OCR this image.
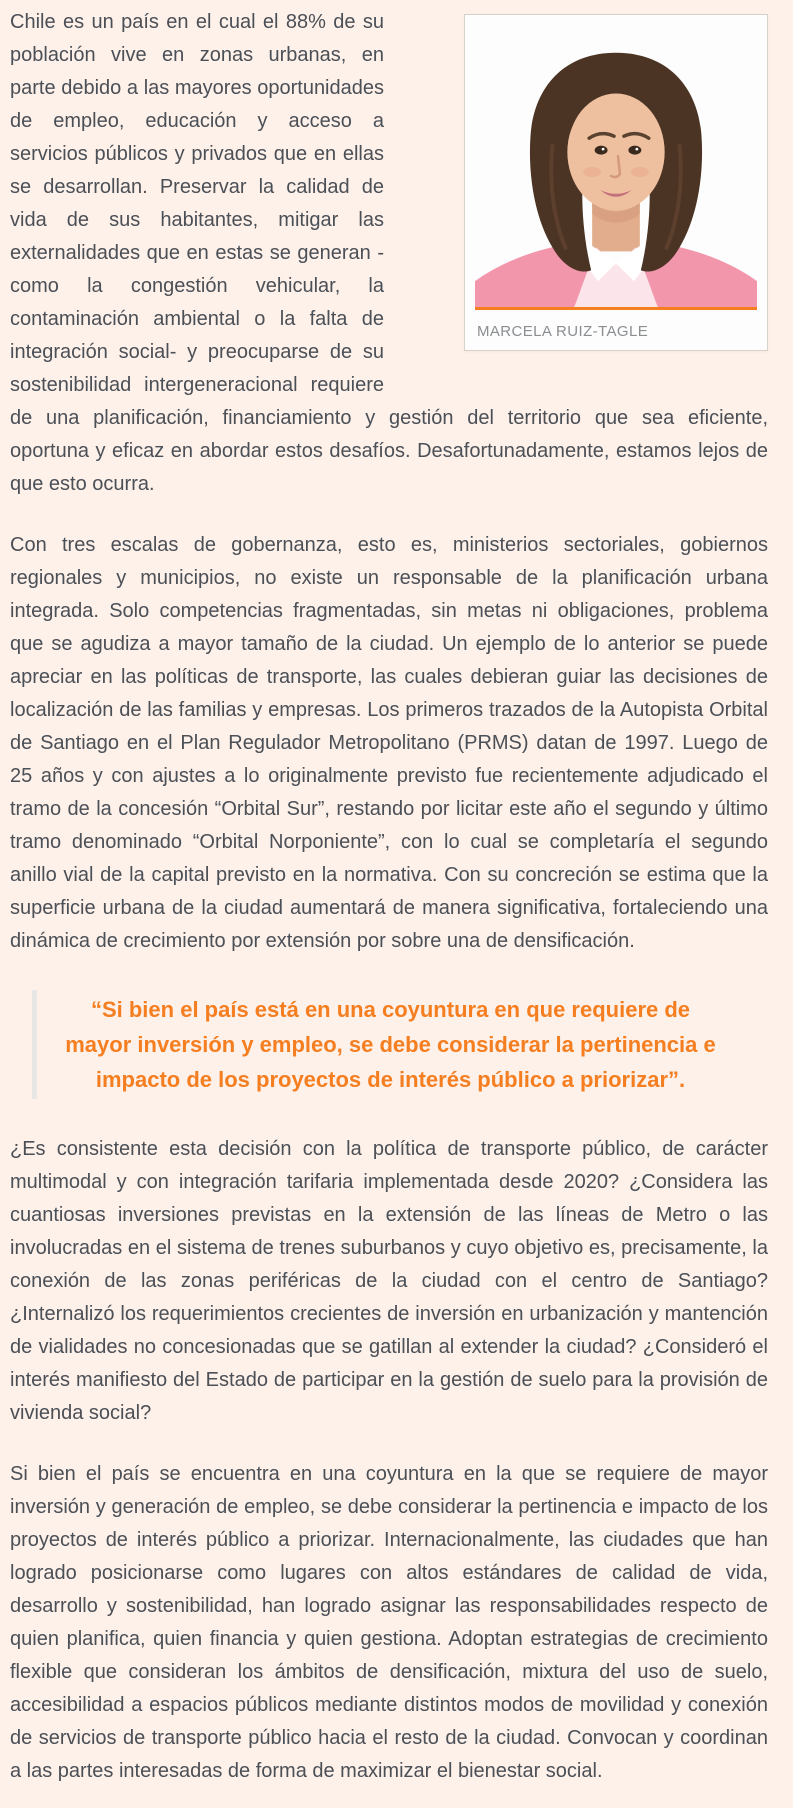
MARCELA RUIZ-TAGLE

Chile es un país en el cual el 88% de su población vive en zonas urbanas, en parte debido a las mayores oportunidades de empleo, educación y acceso a servicios públicos y privados que en ellas se desarrollan. Preservar la calidad de vida de sus habitantes, mitigar las externalidades que en estas se generan -como la congestión vehicular, la contaminación ambiental o la falta de integración social- y preocuparse de su sostenibilidad intergeneracional requiere de una planificación, financiamiento y gestión del territorio que sea eficiente, oportuna y eficaz en abordar estos desafíos. Desafortunadamente, estamos lejos de que esto ocurra.

Con tres escalas de gobernanza, esto es, ministerios sectoriales, gobiernos regionales y municipios, no existe un responsable de la planificación urbana integrada. Solo competencias fragmentadas, sin metas ni obligaciones, problema que se agudiza a mayor tamaño de la ciudad. Un ejemplo de lo anterior se puede apreciar en las políticas de transporte, las cuales debieran guiar las decisiones de localización de las familias y empresas. Los primeros trazados de la Autopista Orbital de Santiago en el Plan Regulador Metropolitano (PRMS) datan de 1997. Luego de 25 años y con ajustes a lo originalmente previsto fue recientemente adjudicado el tramo de la concesión “Orbital Sur”, restando por licitar este año el segundo y último tramo denominado “Orbital Norponiente”, con lo cual se completaría el segundo anillo vial de la capital previsto en la normativa. Con su concreción se estima que la superficie urbana de la ciudad aumentará de manera significativa, fortaleciendo una dinámica de crecimiento por extensión por sobre una de densificación.

“Si bien el país está en una coyuntura en que requiere de mayor inversión y empleo, se debe considerar la pertinencia e impacto de los proyectos de interés público a priorizar”.

¿Es consistente esta decisión con la política de transporte público, de carácter multimodal y con integración tarifaria implementada desde 2020? ¿Considera las cuantiosas inversiones previstas en la extensión de las líneas de Metro o las involucradas en el sistema de trenes suburbanos y cuyo objetivo es, precisamente, la conexión de las zonas periféricas de la ciudad con el centro de Santiago? ¿Internalizó los requerimientos crecientes de inversión en urbanización y mantención de vialidades no concesionadas que se gatillan al extender la ciudad? ¿Consideró el interés manifiesto del Estado de participar en la gestión de suelo para la provisión de vivienda social?

Si bien el país se encuentra en una coyuntura en la que se requiere de mayor inversión y generación de empleo, se debe considerar la pertinencia e impacto de los proyectos de interés público a priorizar. Internacionalmente, las ciudades que han logrado posicionarse como lugares con altos estándares de calidad de vida, desarrollo y sostenibilidad, han logrado asignar las responsabilidades respecto de quien planifica, quien financia y quien gestiona. Adoptan estrategias de crecimiento flexible que consideran los ámbitos de densificación, mixtura del uso de suelo, accesibilidad a espacios públicos mediante distintos modos de movilidad y conexión de servicios de transporte público hacia el resto de la ciudad. Convocan y coordinan a las partes interesadas de forma de maximizar el bienestar social.
